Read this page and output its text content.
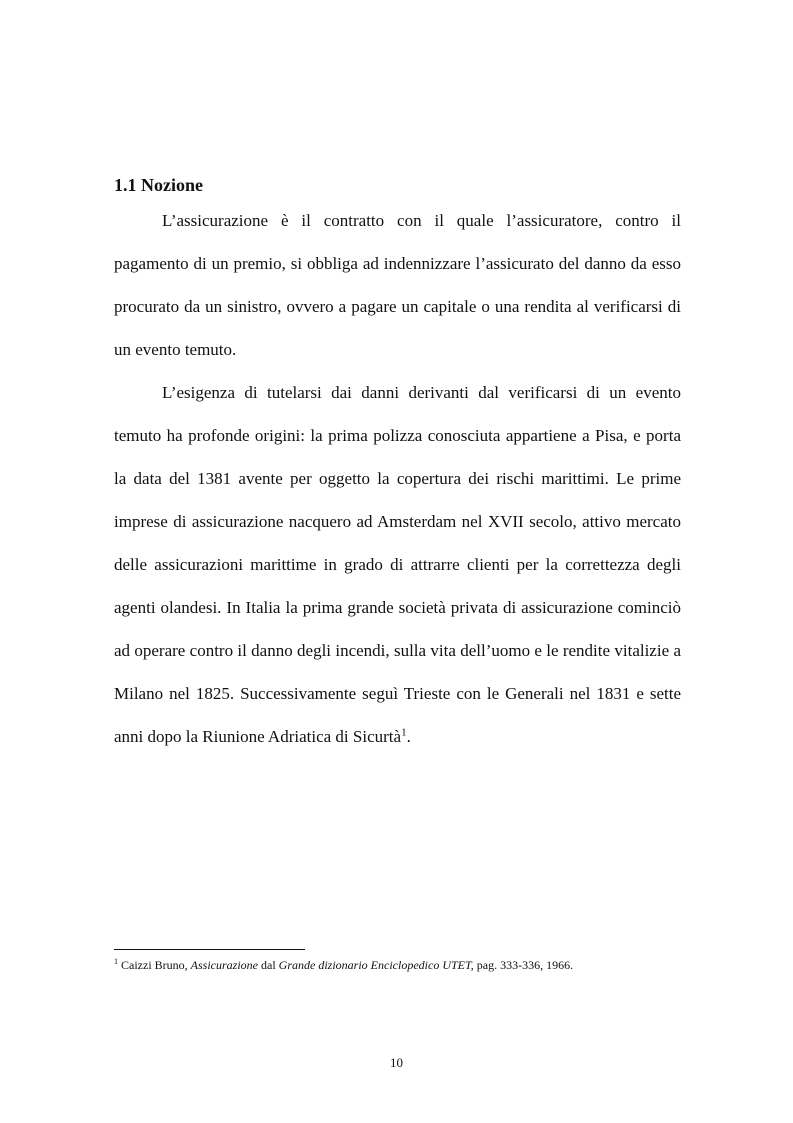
1.1 Nozione

L’assicurazione è il contratto con il quale l’assicuratore, contro il pagamento di un premio, si obbliga ad indennizzare l’assicurato del danno da esso procurato da un sinistro, ovvero a pagare un capitale o una rendita al verificarsi di un evento temuto.

L’esigenza di tutelarsi dai danni derivanti dal verificarsi di un evento temuto ha profonde origini: la prima polizza conosciuta appartiene a Pisa, e porta la data del 1381 avente per oggetto la copertura dei rischi marittimi. Le prime imprese di assicurazione nacquero ad Amsterdam nel XVII secolo, attivo mercato delle assicurazioni marittime in grado di attrarre clienti per la correttezza degli agenti olandesi. In Italia la prima grande società privata di assicurazione cominciò ad operare contro il danno degli incendi, sulla vita dell’uomo e le rendite vitalizie a Milano nel 1825. Successivamente seguì Trieste con le Generali nel 1831 e sette anni dopo la Riunione Adriatica di Sicurtà$^1$.

$^1$ Caizzi Bruno, Assicurazione dal Grande dizionario Enciclopedico UTET, pag. 333-336, 1966.

10
